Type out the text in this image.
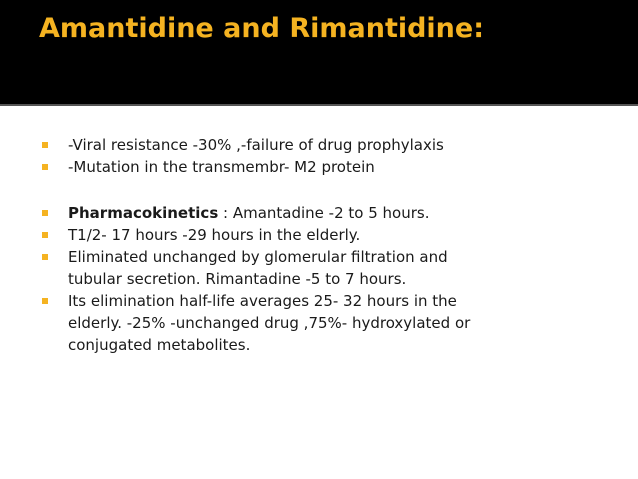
Amantidine and Rimantidine:

-Viral resistance -30% ,-failure of drug prophylaxis

-Mutation in the transmembr- M2 protein

Pharmacokinetics : Amantadine -2 to 5 hours.

T1/2- 17 hours -29 hours in the elderly.

Eliminated unchanged by glomerular filtration and
tubular secretion. Rimantadine -5 to 7 hours.

Its elimination half-life averages 25- 32 hours in the
elderly. -25% -unchanged drug ,75%- hydroxylated or
conjugated metabolites.
